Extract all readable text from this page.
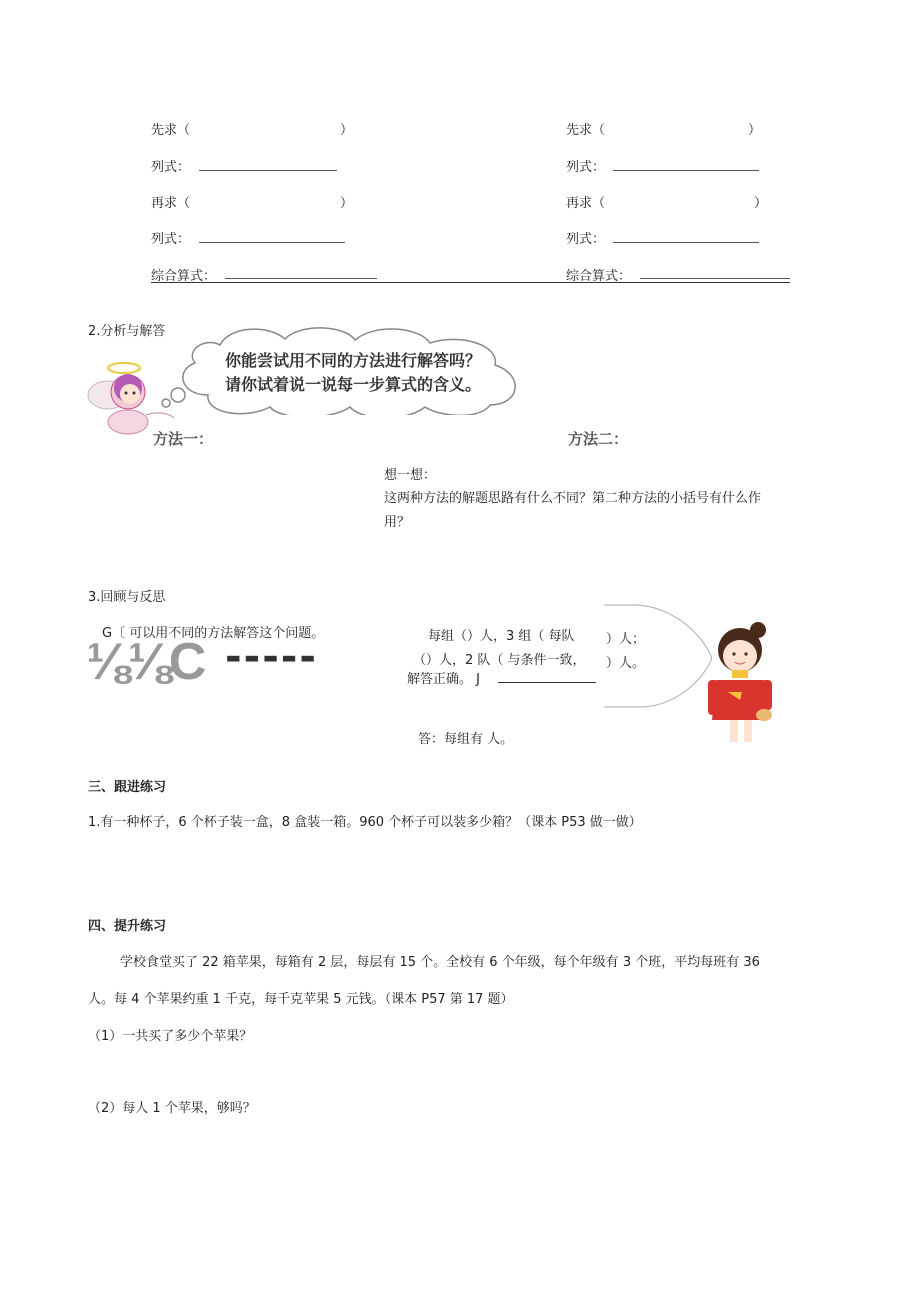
先求（	）
列式：
再求（	）
列式：
综合算式：
先求（	）
列式：
再求（	）
列式：
综合算式：
2.分析与解答
你能尝试用不同的方法进行解答吗？
请你试着说一说每一步算式的含义。
方法一：	方法二：
想一想：
这两种方法的解题思路有什么不同？第二种方法的小括号有什么作
用？
3.回顾与反思
G〔 可以用不同的方法解答这个问题。
⅛⅛C -----	每组（）人，3 组（ 每队 ）人；
（）人，2 队（ 与条件一致， ）人。
解答正确。 J
答：每组有 人。
三、跟进练习
1.有一种杯子，6 个杯子装一盒，8 盒装一箱。960 个杯子可以装多少箱？（课本 P53 做一做）
四、提升练习
学校食堂买了 22 箱苹果，每箱有 2 层，每层有 15 个。全校有 6 个年级，每个年级有 3 个班，平均每班有 36
人。每 4 个苹果约重 1 千克，每千克苹果 5 元钱。（课本 P57 第 17 题）
（1）一共买了多少个苹果？
（2）每人 1 个苹果，够吗？
